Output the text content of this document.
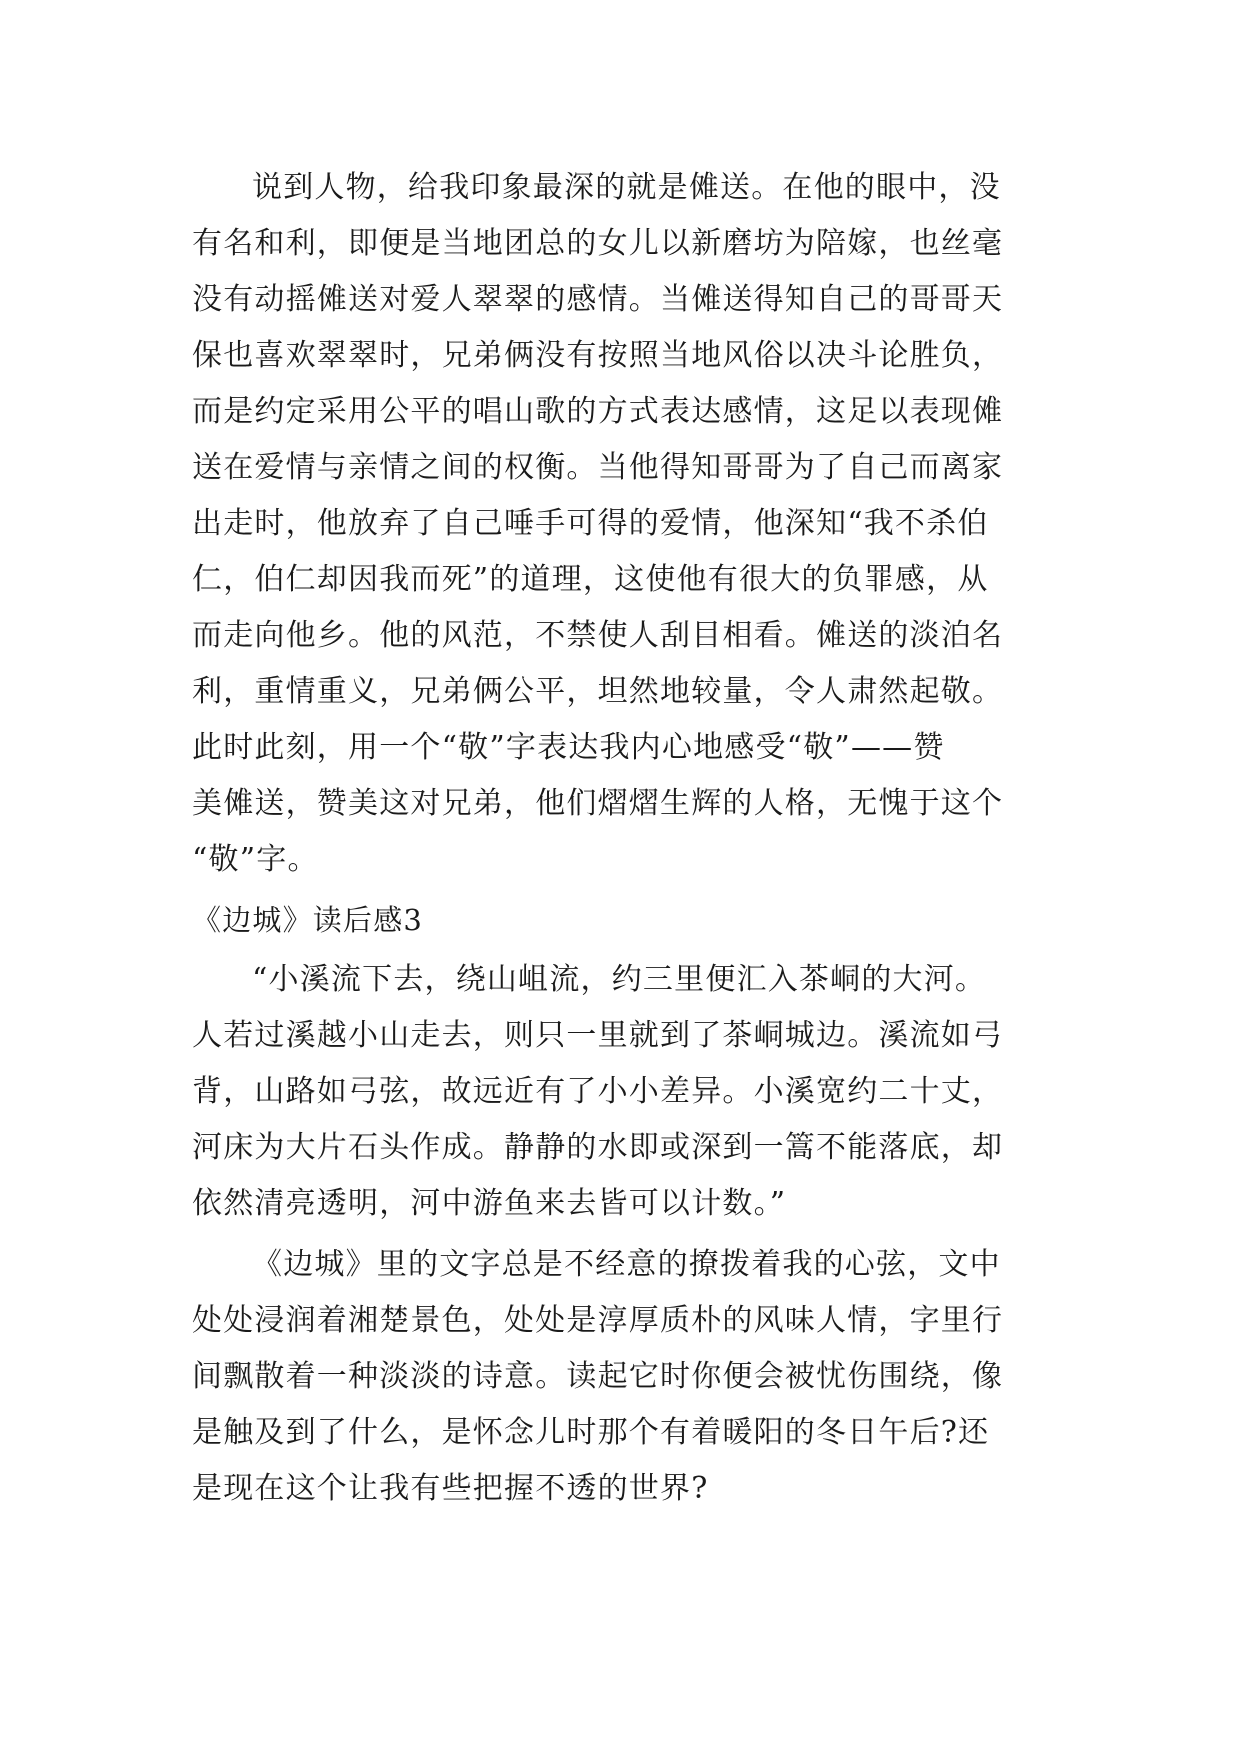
说到人物，给我印象最深的就是傩送。在他的眼中，没
有名和利，即便是当地团总的女儿以新磨坊为陪嫁，也丝毫
没有动摇傩送对爱人翠翠的感情。当傩送得知自己的哥哥天
保也喜欢翠翠时，兄弟俩没有按照当地风俗以决斗论胜负，
而是约定采用公平的唱山歌的方式表达感情，这足以表现傩
送在爱情与亲情之间的权衡。当他得知哥哥为了自己而离家
出走时，他放弃了自己唾手可得的爱情，他深知“我不杀伯
仁，伯仁却因我而死”的道理，这使他有很大的负罪感，从
而走向他乡。他的风范，不禁使人刮目相看。傩送的淡泊名
利，重情重义，兄弟俩公平，坦然地较量，令人肃然起敬。
此时此刻，用一个“敬”字表达我内心地感受“敬”——赞
美傩送，赞美这对兄弟，他们熠熠生辉的人格，无愧于这个
“敬”字。
《边城》读后感3
“小溪流下去，绕山岨流，约三里便汇入茶峒的大河。
人若过溪越小山走去，则只一里就到了茶峒城边。溪流如弓
背，山路如弓弦，故远近有了小小差异。小溪宽约二十丈，
河床为大片石头作成。静静的水即或深到一篙不能落底，却
依然清亮透明，河中游鱼来去皆可以计数。”
《边城》里的文字总是不经意的撩拨着我的心弦，文中
处处浸润着湘楚景色，处处是淳厚质朴的风味人情，字里行
间飘散着一种淡淡的诗意。读起它时你便会被忧伤围绕，像
是触及到了什么，是怀念儿时那个有着暖阳的冬日午后?还
是现在这个让我有些把握不透的世界?
